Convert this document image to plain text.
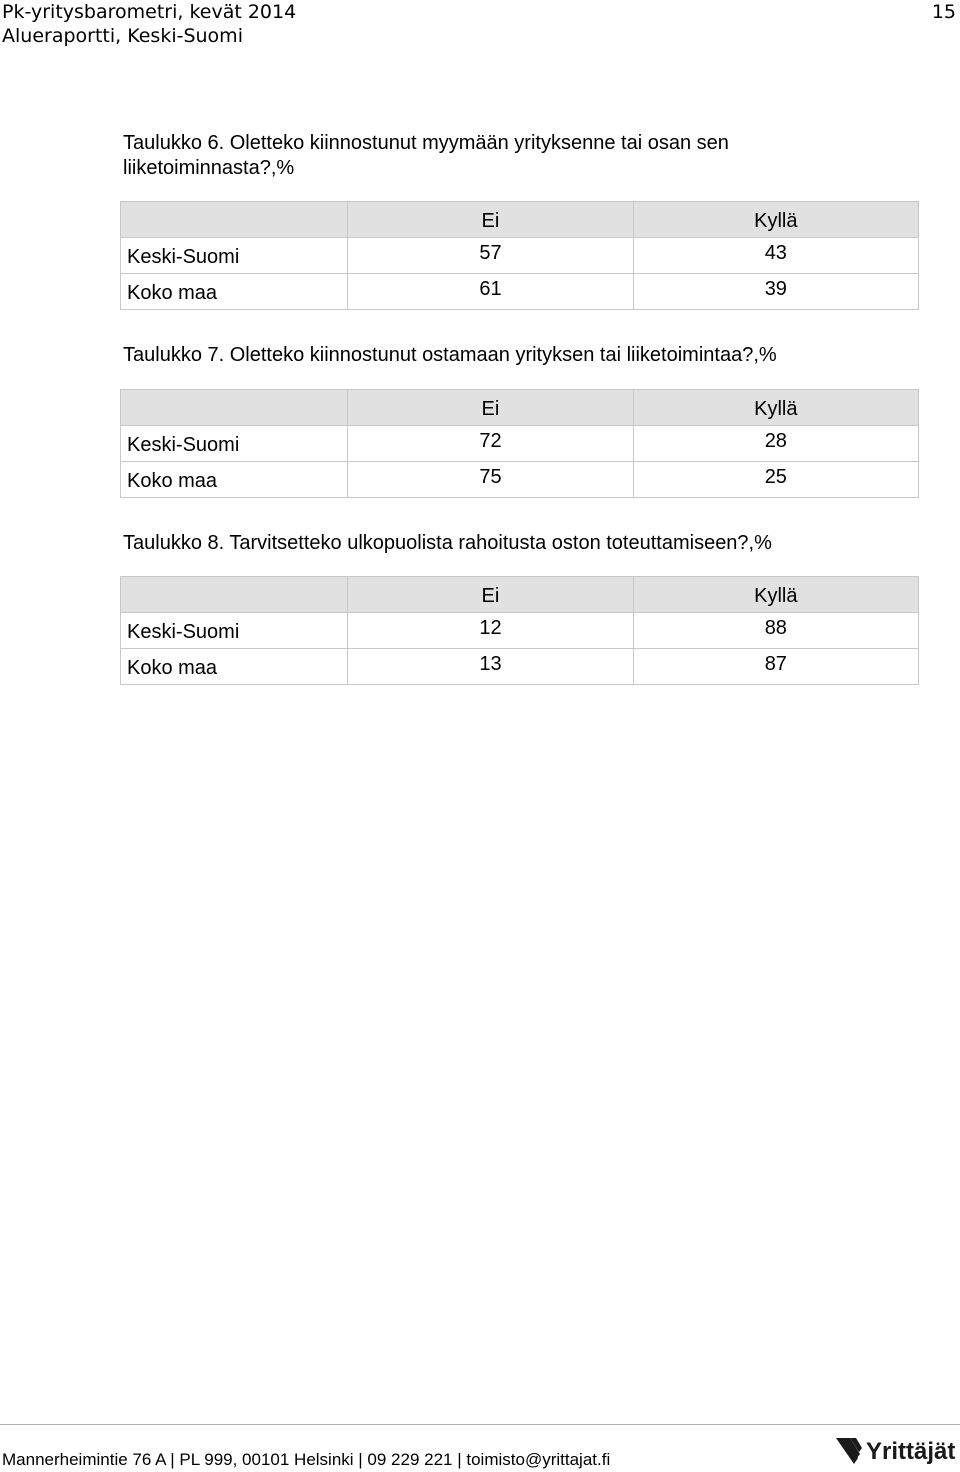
Pk-yritysbarometri, kevät 2014
Alueraportti, Keski-Suomi
15
Taulukko 6. Oletteko kiinnostunut myymään yrityksenne tai osan sen liiketoiminnasta?,%
	Ei	Kyllä
Keski-Suomi	57	43
Koko maa	61	39
Taulukko 7. Oletteko kiinnostunut ostamaan yrityksen tai liiketoimintaa?,%
	Ei	Kyllä
Keski-Suomi	72	28
Koko maa	75	25
Taulukko 8. Tarvitsetteko ulkopuolista rahoitusta oston toteuttamiseen?,%
	Ei	Kyllä
Keski-Suomi	12	88
Koko maa	13	87
Mannerheimintie 76 A | PL 999, 00101 Helsinki | 09 229 221 | toimisto@yrittajat.fi	Yrittäjät
